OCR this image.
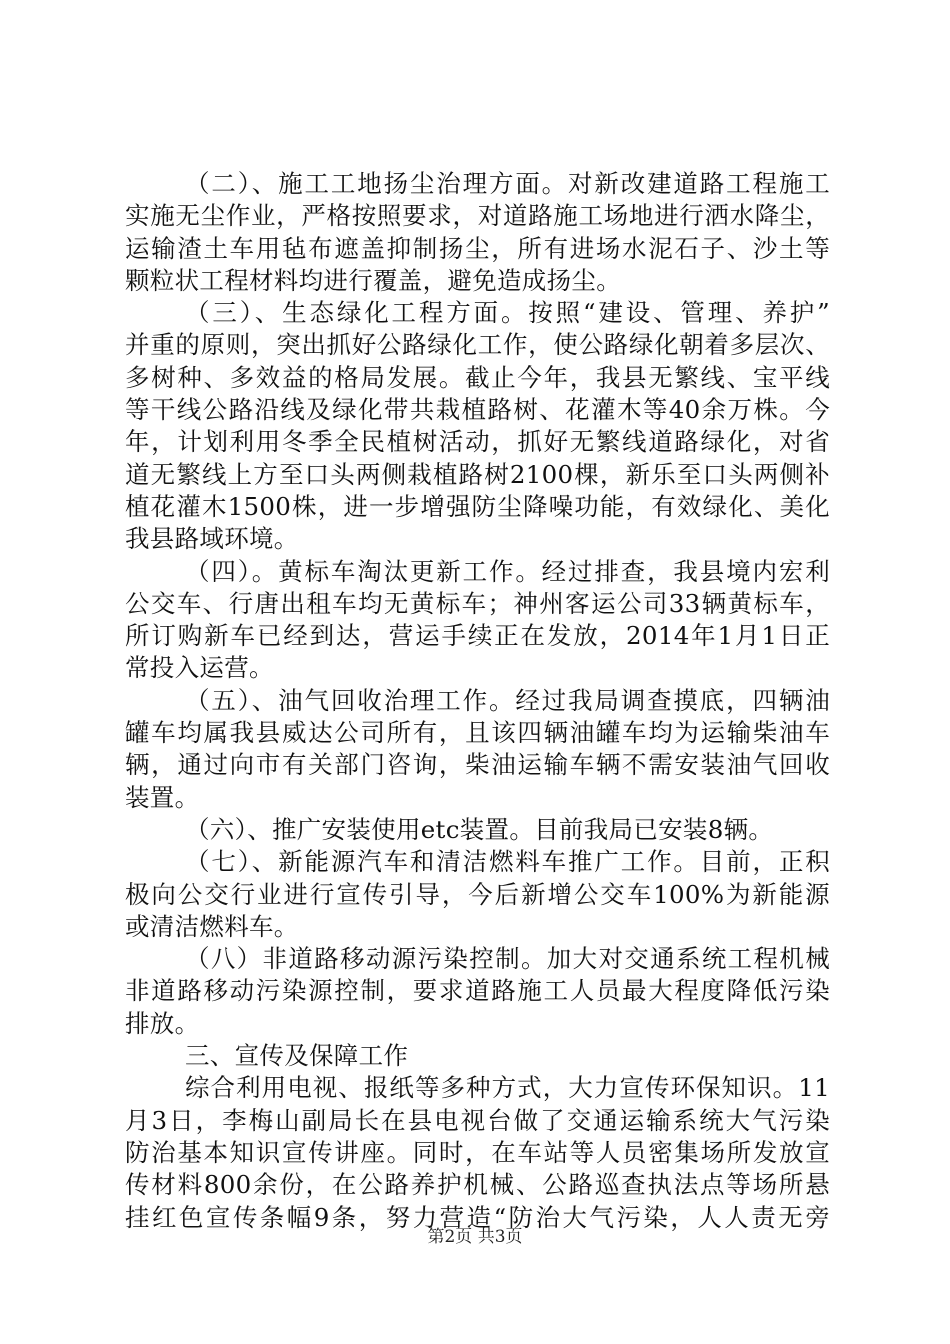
（二）、施工工地扬尘治理方面。对新改建道路工程施工
实施无尘作业，严格按照要求，对道路施工场地进行洒水降尘，
运输渣土车用毡布遮盖抑制扬尘，所有进场水泥石子、沙土等
颗粒状工程材料均进行覆盖，避免造成扬尘。
（三）、生态绿化工程方面。按照“建设、管理、养护”
并重的原则，突出抓好公路绿化工作，使公路绿化朝着多层次、
多树种、多效益的格局发展。截止今年，我县无繁线、宝平线
等干线公路沿线及绿化带共栽植路树、花灌木等40余万株。今
年，计划利用冬季全民植树活动，抓好无繁线道路绿化，对省
道无繁线上方至口头两侧栽植路树2100棵，新乐至口头两侧补
植花灌木1500株，进一步增强防尘降噪功能，有效绿化、美化
我县路域环境。
（四）。黄标车淘汰更新工作。经过排查，我县境内宏利
公交车、行唐出租车均无黄标车；神州客运公司33辆黄标车，
所订购新车已经到达，营运手续正在发放，2014年1月1日正
常投入运营。
（五）、油气回收治理工作。经过我局调查摸底，四辆油
罐车均属我县威达公司所有，且该四辆油罐车均为运输柴油车
辆，通过向市有关部门咨询，柴油运输车辆不需安装油气回收
装置。
（六）、推广安装使用etc装置。目前我局已安装8辆。
（七）、新能源汽车和清洁燃料车推广工作。目前，正积
极向公交行业进行宣传引导，今后新增公交车100%为新能源
或清洁燃料车。
（八）非道路移动源污染控制。加大对交通系统工程机械
非道路移动污染源控制，要求道路施工人员最大程度降低污染
排放。
三、宣传及保障工作
综合利用电视、报纸等多种方式，大力宣传环保知识。11
月3日，李梅山副局长在县电视台做了交通运输系统大气污染
防治基本知识宣传讲座。同时，在车站等人员密集场所发放宣
传材料800余份，在公路养护机械、公路巡查执法点等场所悬
挂红色宣传条幅9条，努力营造“防治大气污染，人人责无旁
第2页 共3页
